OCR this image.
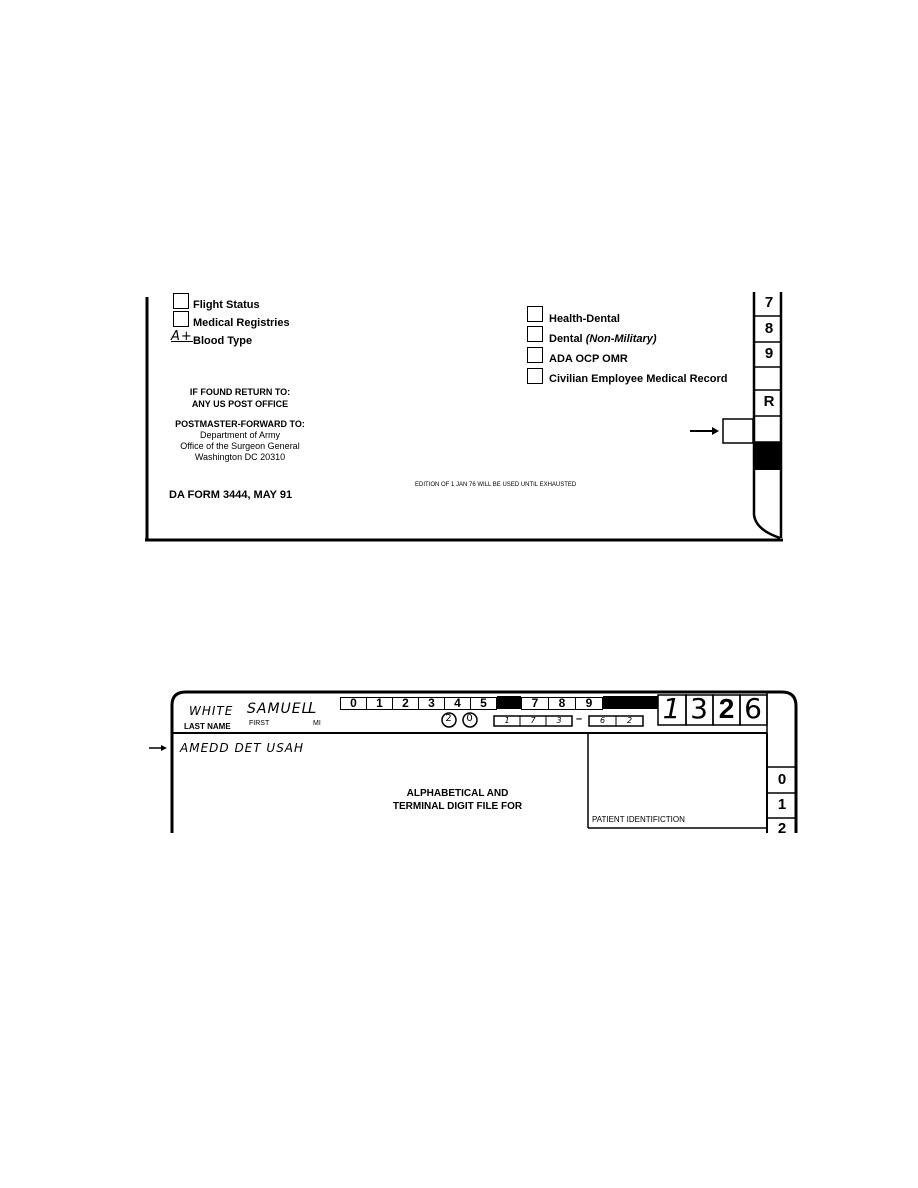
Flight Status
Medical Registries
A+ Blood Type
Health-Dental
Dental (Non-Military)
ADA OCP OMR
Civilian Employee Medical Record
IF FOUND RETURN TO:
ANY US POST OFFICE
POSTMASTER-FORWARD TO:
Department of Army
Office of the Surgeon General
Washington DC 20310
EDITION OF 1 JAN 76 WILL BE USED UNTIL EXHAUSTED
DA FORM 3444, MAY 91
7
8
9
R
WHITE SAMUEL
L
LAST NAME	FIRST	MI
0	1	2	3	4	5	7	8	9
2	0	1	7	3	–	6	2	1 3 2 6
AMEDD DET USAH
ALPHABETICAL AND
TERMINAL DIGIT FILE FOR
PATIENT IDENTIFICTION
0
1
2
